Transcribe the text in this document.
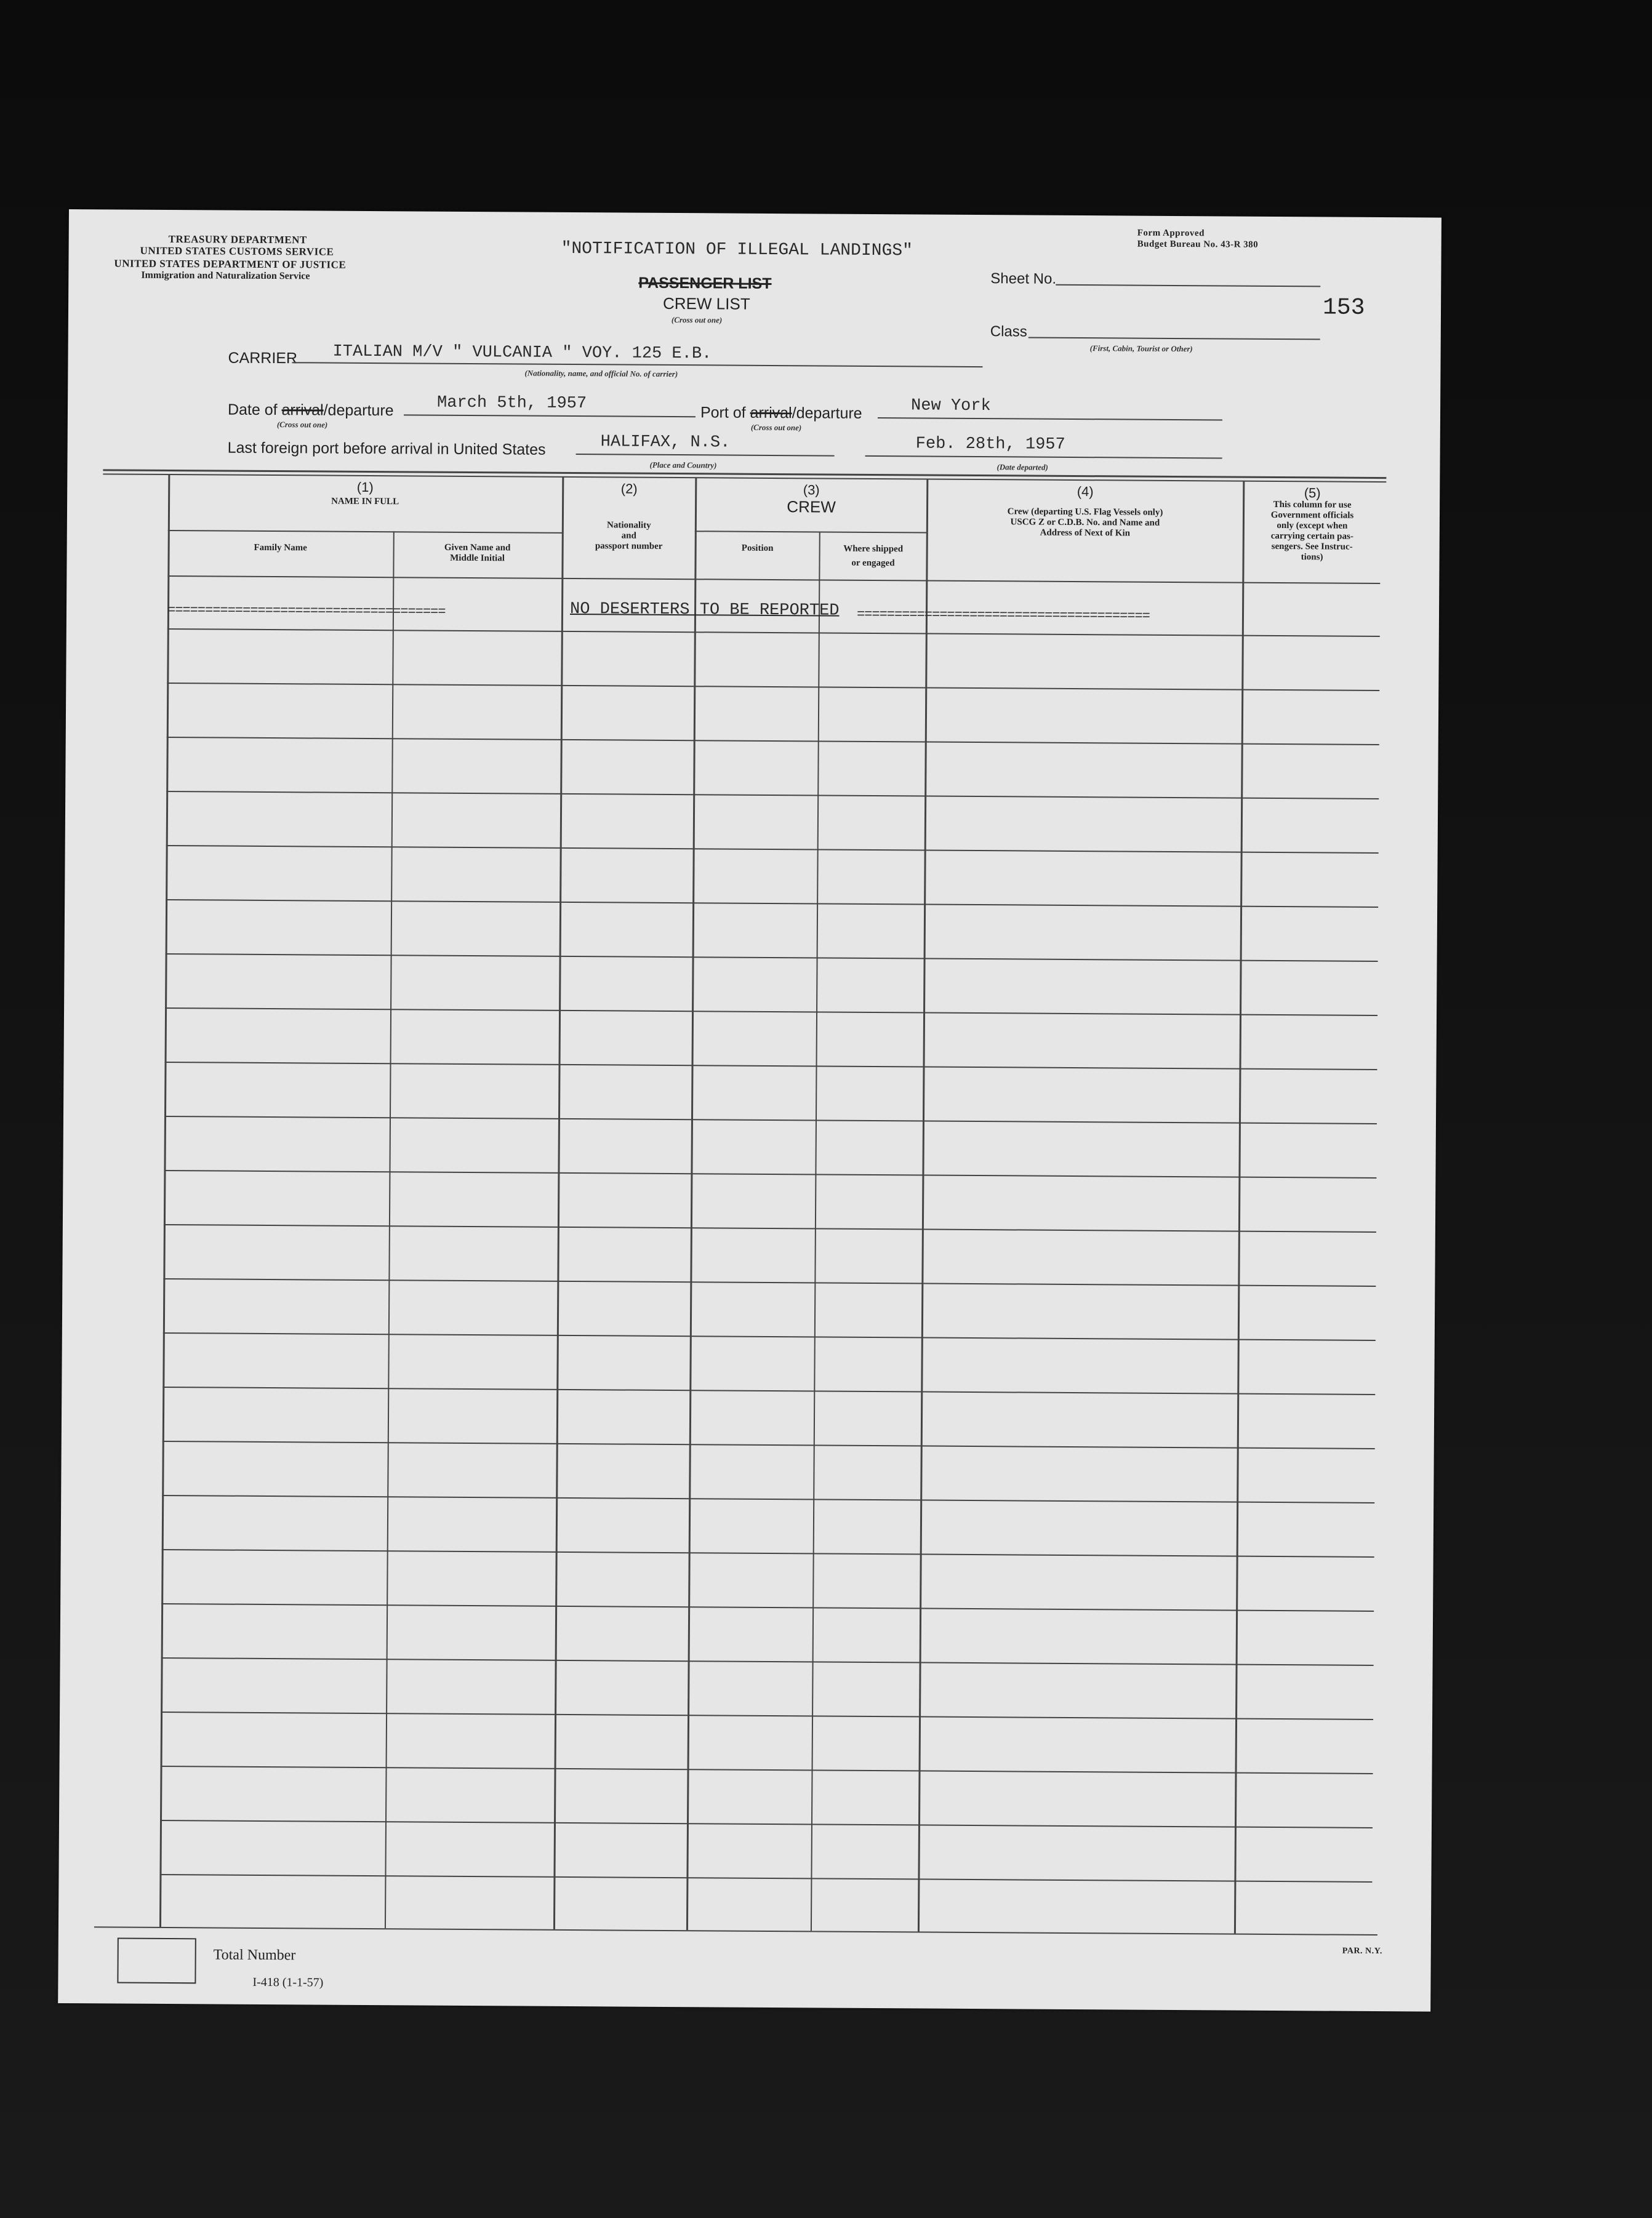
TREASURY DEPARTMENT
UNITED STATES CUSTOMS SERVICE
UNITED STATES DEPARTMENT OF JUSTICE
Immigration and Naturalization Service
"NOTIFICATION OF ILLEGAL LANDINGS"
PASSENGER LIST
CREW LIST
(Cross out one)
Form Approved
Budget Bureau No. 43-R 380
Sheet No.
153
Class
(First, Cabin, Tourist or Other)
CARRIER ITALIAN M/V " VULCANIA " VOY. 125 E.B.
(Nationality, name, and official No. of carrier)
Date of arrival/departure	March 5th, 1957
(Cross out one)
Port of arrival/departure	New York
(Cross out one)
Last foreign port before arrival in United States	HALIFAX, N.S.
(Place and Country)
Feb. 28th, 1957
(Date departed)
(1)
NAME IN FULL
Family Name	Given Name and
Middle Initial
(2)
Nationality
and
passport number
(3)
CREW
Position	Where shipped
or engaged
(4)
Crew (departing U.S. Flag Vessels only)
USCG Z or C.D.B. No. and Name and
Address of Next of Kin
(5)
This column for use
Government officials
only (except when
carrying certain pas-
sengers. See Instruc-
tions)
=====================================	NO DESERTERS TO BE REPORTED =======================================
Total Number
I-418 (1-1-57)
PAR. N.Y.
